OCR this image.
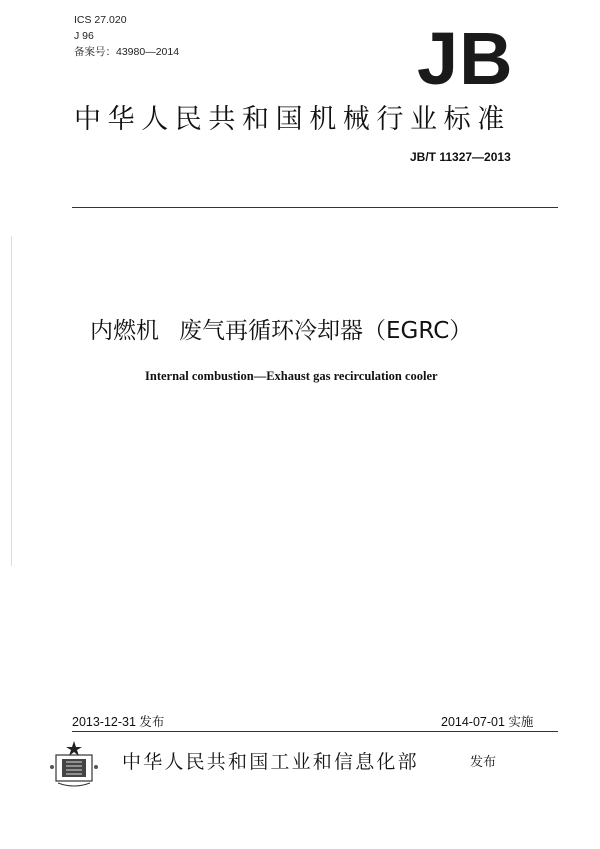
ICS 27.020
J 96
备案号：43980—2014	JB
中华人民共和国机械行业标准
JB/T 11327—2013
内燃机 废气再循环冷却器（EGRC）
Internal combustion—Exhaust gas recirculation cooler
2013-12-31 发布	2014-07-01 实施
中华人民共和国工业和信息化部	发布
